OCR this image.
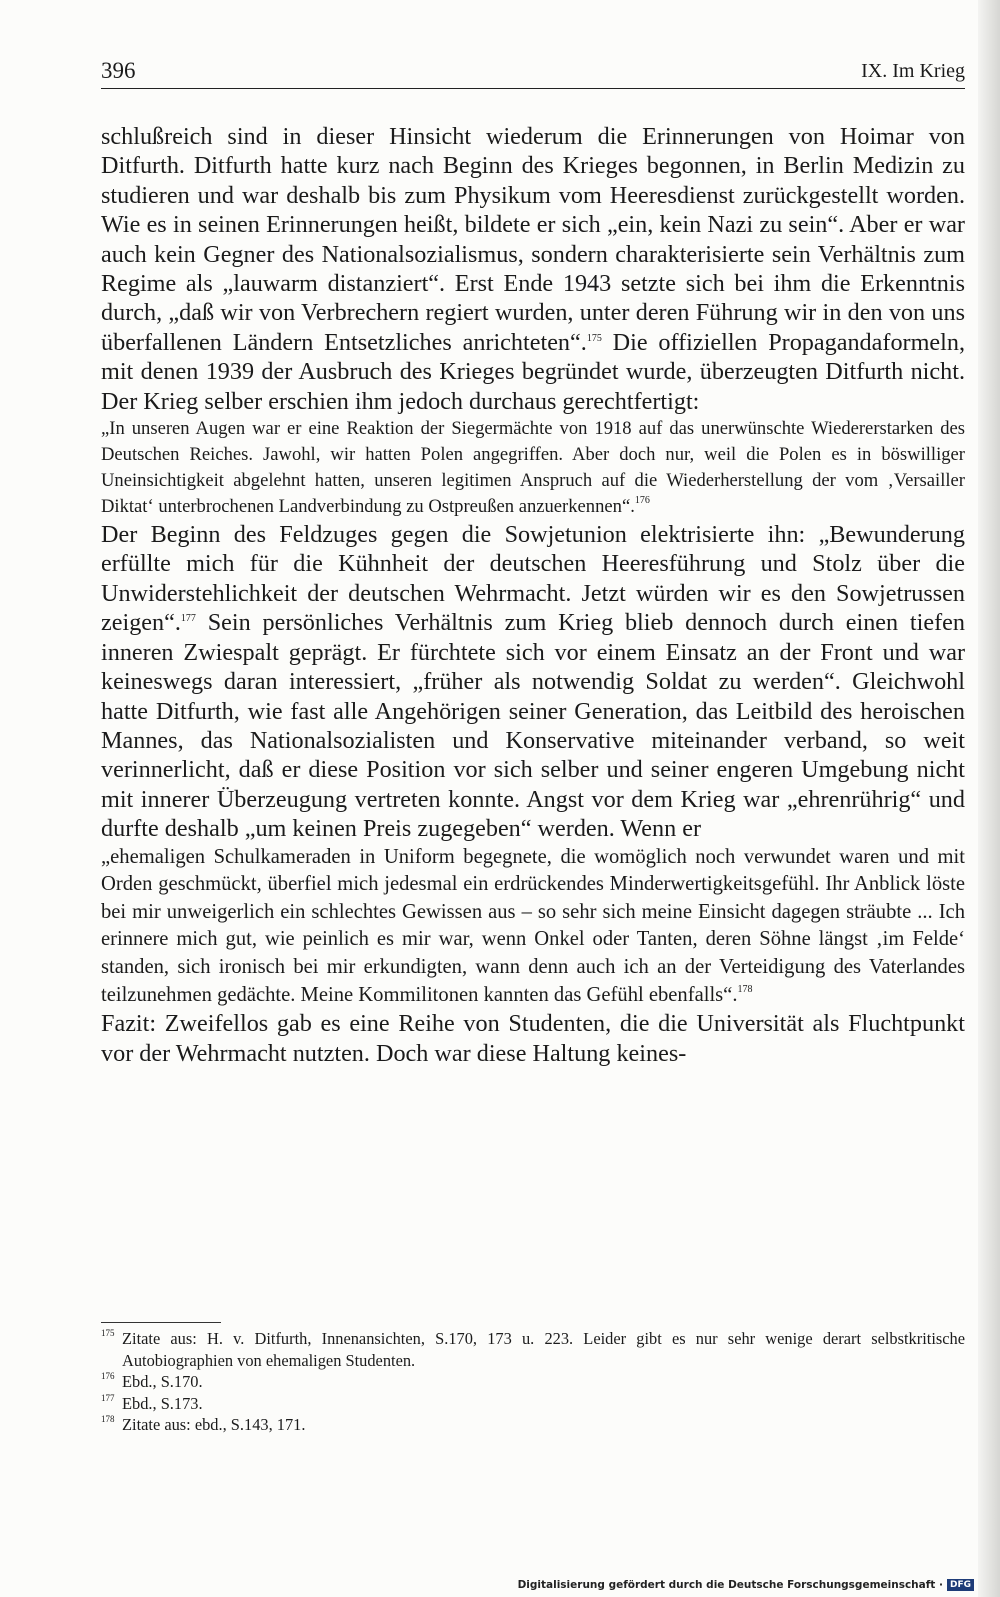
396	IX. Im Krieg

schlußreich sind in dieser Hinsicht wiederum die Erinnerungen von Hoimar von Ditfurth. Ditfurth hatte kurz nach Beginn des Krieges begonnen, in Berlin Medizin zu studieren und war deshalb bis zum Physikum vom Heeresdienst zurückgestellt worden. Wie es in seinen Erinnerungen heißt, bildete er sich „ein, kein Nazi zu sein“. Aber er war auch kein Gegner des Nationalsozialismus, sondern charakterisierte sein Verhältnis zum Regime als „lauwarm distanziert“. Erst Ende 1943 setzte sich bei ihm die Erkenntnis durch, „daß wir von Verbrechern regiert wurden, unter deren Führung wir in den von uns überfallenen Ländern Entsetzliches anrichteten“.$^{175}$ Die offiziellen Propagandaformeln, mit denen 1939 der Ausbruch des Krieges begründet wurde, überzeugten Ditfurth nicht. Der Krieg selber erschien ihm jedoch durchaus gerechtfertigt:

„In unseren Augen war er eine Reaktion der Siegermächte von 1918 auf das unerwünschte Wiedererstarken des Deutschen Reiches. Jawohl, wir hatten Polen angegriffen. Aber doch nur, weil die Polen es in böswilliger Uneinsichtigkeit abgelehnt hatten, unseren legitimen Anspruch auf die Wiederherstellung der vom ‚Versailler Diktat‘ unterbrochenen Landverbindung zu Ostpreußen anzuerkennen“.$^{176}$

Der Beginn des Feldzuges gegen die Sowjetunion elektrisierte ihn: „Bewunderung erfüllte mich für die Kühnheit der deutschen Heeresführung und Stolz über die Unwiderstehlichkeit der deutschen Wehrmacht. Jetzt würden wir es den Sowjetrussen zeigen“.$^{177}$ Sein persönliches Verhältnis zum Krieg blieb dennoch durch einen tiefen inneren Zwiespalt geprägt. Er fürchtete sich vor einem Einsatz an der Front und war keineswegs daran interessiert, „früher als notwendig Soldat zu werden“. Gleichwohl hatte Ditfurth, wie fast alle Angehörigen seiner Generation, das Leitbild des heroischen Mannes, das Nationalsozialisten und Konservative miteinander verband, so weit verinnerlicht, daß er diese Position vor sich selber und seiner engeren Umgebung nicht mit innerer Überzeugung vertreten konnte. Angst vor dem Krieg war „ehrenrührig“ und durfte deshalb „um keinen Preis zugegeben“ werden. Wenn er

„ehemaligen Schulkameraden in Uniform begegnete, die womöglich noch verwundet waren und mit Orden geschmückt, überfiel mich jedesmal ein erdrückendes Minderwertigkeitsgefühl. Ihr Anblick löste bei mir unweigerlich ein schlechtes Gewissen aus – so sehr sich meine Einsicht dagegen sträubte ... Ich erinnere mich gut, wie peinlich es mir war, wenn Onkel oder Tanten, deren Söhne längst ‚im Felde‘ standen, sich ironisch bei mir erkundigten, wann denn auch ich an der Verteidigung des Vaterlandes teilzunehmen gedächte. Meine Kommilitonen kannten das Gefühl ebenfalls“.$^{178}$

Fazit: Zweifellos gab es eine Reihe von Studenten, die die Universität als Fluchtpunkt vor der Wehrmacht nutzten. Doch war diese Haltung keines-

175 Zitate aus: H. v. Ditfurth, Innenansichten, S.170, 173 u. 223. Leider gibt es nur sehr wenige derart selbstkritische Autobiographien von ehemaligen Studenten.
176 Ebd., S.170.
177 Ebd., S.173.
178 Zitate aus: ebd., S.143, 171.
Digitalisierung gefördert durch die Deutsche Forschungsgemeinschaft · DFG
